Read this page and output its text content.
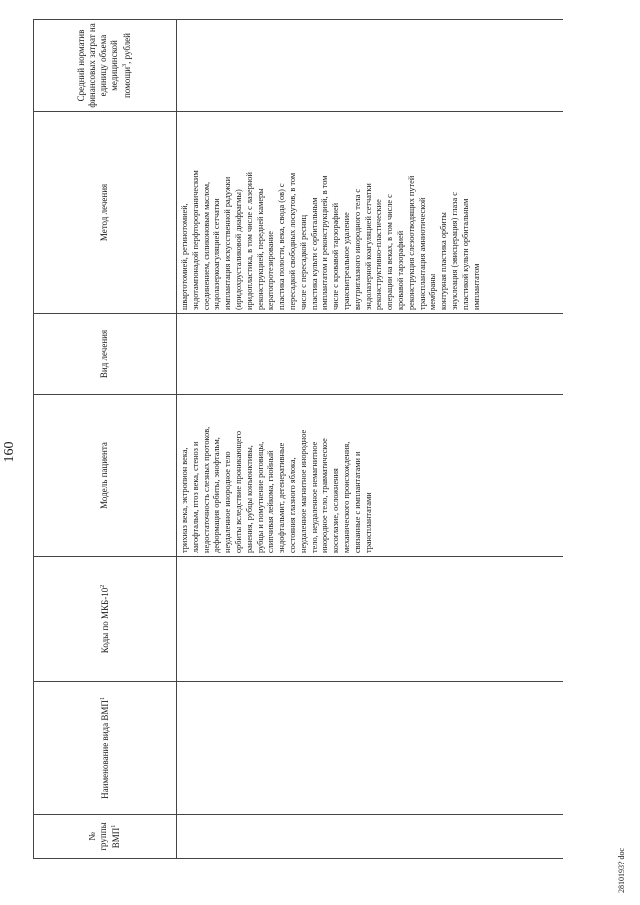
160
№ группы ВМП$^1$
Наименование вида ВМП$^1$
Коды по МКБ-$10^2$
Модель пациента
Вид лечения
Метод лечения
Средний норматив финансовых затрат на единицу объема медицинской помощи$^3$, рублей
трихиаз века, эктропион века, лагофтальм, птоз века, стеноз и недостаточность слезных протоков, деформация орбиты, энофтальм, неудаленное инородное тело орбиты вследствие проникающего ранения, рубцы конъюнктивы, рубцы и помутнение роговицы, слипчивая лейкома, гнойный эндофтальмит, дегенеративные состояния глазного яблока, неудаленное магнитное инородное тело, неудаленное немагнитное инородное тело, травматическое косоглазие, осложнения механического происхождения, связанные с имплантатами и трансплантатами
швартотомией, ретинотомией, эндотампонадой перфторорганическим соединением, силиконовым маслом, эндолазеркоагуляцией сетчатки имплантация искусственной радужки (иридохрусталиковой диафрагмы) иридопластика, в том числе с лазерной реконструкцией, передней камеры кератопротезирование пластика полости, века, свода (ов) с пересадкой свободных лоскутов, в том числе с пересадкой ресниц пластика культи с орбитальным имплантатом и реконструкцией, в том числе с кровавой тарзорафией трансвитреальное удаление внутриглазного инородного тела с эндолазерной коагуляцией сетчатки реконструктивно-пластические операции на веках, в том числе с кровавой тарзорафией реконструкция слезоотводящих путей трансплантация амниотической мембраны контурная пластика орбиты энуклеация (эвисцерация) глаза с пластикой культи орбитальным имплантатом
2810193? doc
